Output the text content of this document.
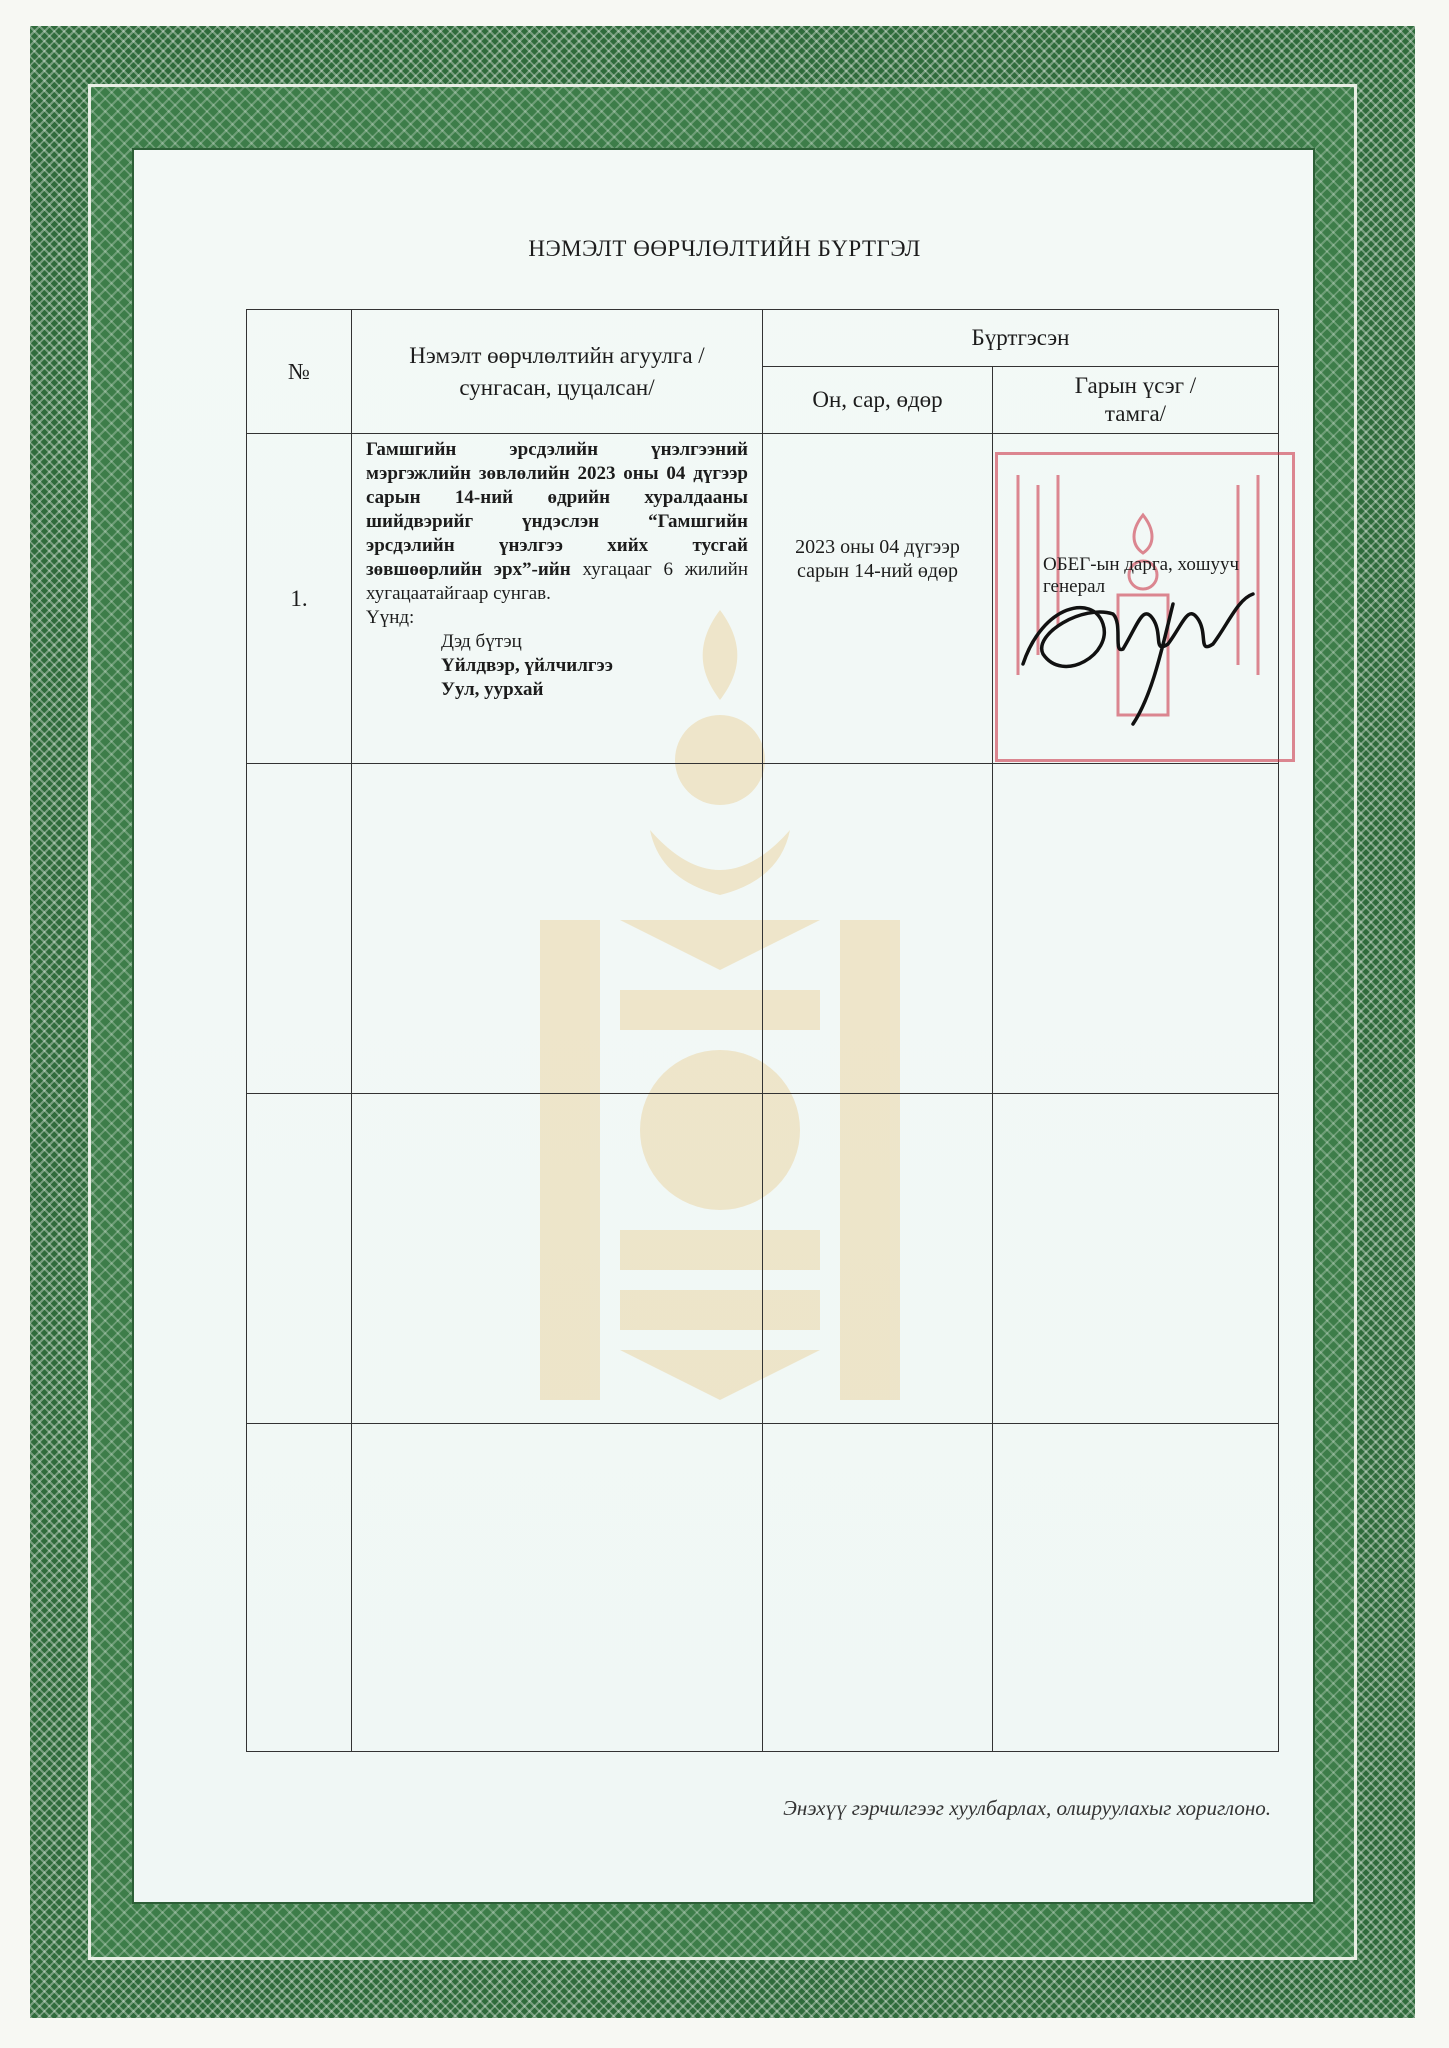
НЭМЭЛТ ӨӨРЧЛӨЛТИЙН БҮРТГЭЛ
№	Нэмэлт өөрчлөлтийн агуулга /сунгасан, цуцалсан/	Бүртгэсэн	
		Он, сар, өдөр	Гарын үсэг /тамга/
1.	Гамшгийн эрсдэлийн үнэлгээний мэргэжлийн зөвлөлийн 2023 оны 04 дүгээр сарын 14-ний өдрийн хуралдааны шийдвэрийг үндэслэн “Гамшгийн эрсдэлийн үнэлгээ хийх тусгай зөвшөөрлийн эрх”-ийн хугацааг 6 жилийн хугацаатайгаар сунгав.
Үүнд:
Дэд бүтэц
Үйлдвэр, үйлчилгээ
Уул, уурхай	2023 оны 04 дүгээр сарын 14-ний өдөр	ОБЕГ-ын дарга, хошууч генерал

Энэхүү гэрчилгээг хуулбарлах, олшруулахыг хориглоно.
